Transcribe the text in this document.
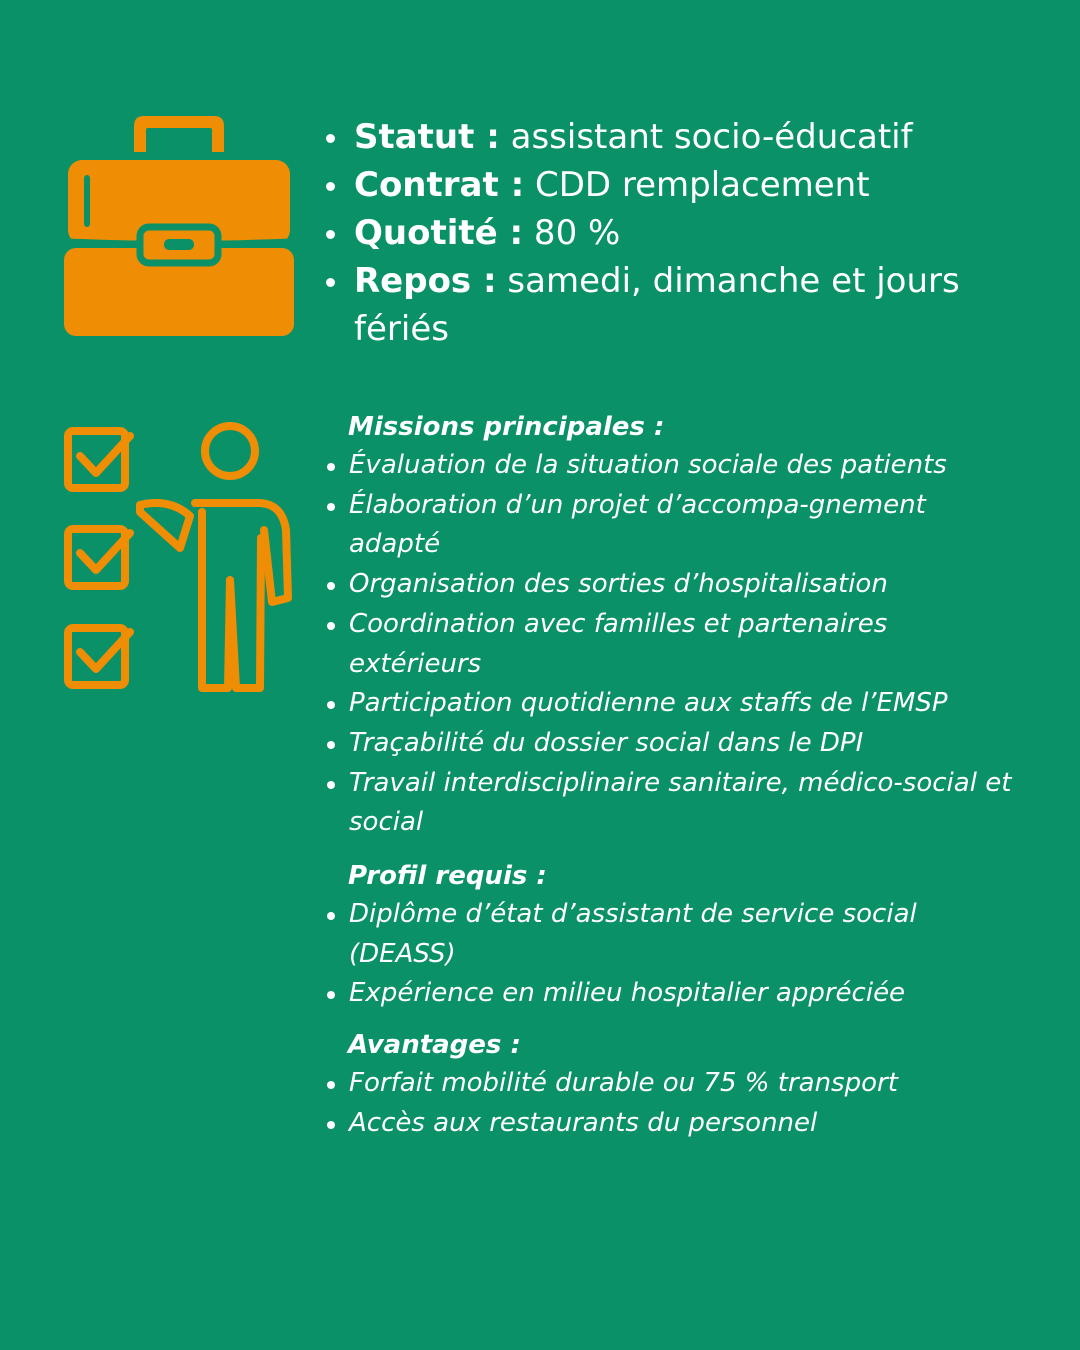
Statut : assistant socio-éducatif
Contrat : CDD remplacement
Quotité : 80 %
Repos : samedi, dimanche et jours fériés
Missions principales :
Évaluation de la situation sociale des patients
Élaboration d’un projet d’accompa-gnement adapté
Organisation des sorties d’hospitalisation
Coordination avec familles et partenaires extérieurs
Participation quotidienne aux staffs de l’EMSP
Traçabilité du dossier social dans le DPI
Travail interdisciplinaire sanitaire, médico-social et social
Profil requis :
Diplôme d’état d’assistant de service social (DEASS)
Expérience en milieu hospitalier appréciée
Avantages :
Forfait mobilité durable ou 75 % transport
Accès aux restaurants du personnel
